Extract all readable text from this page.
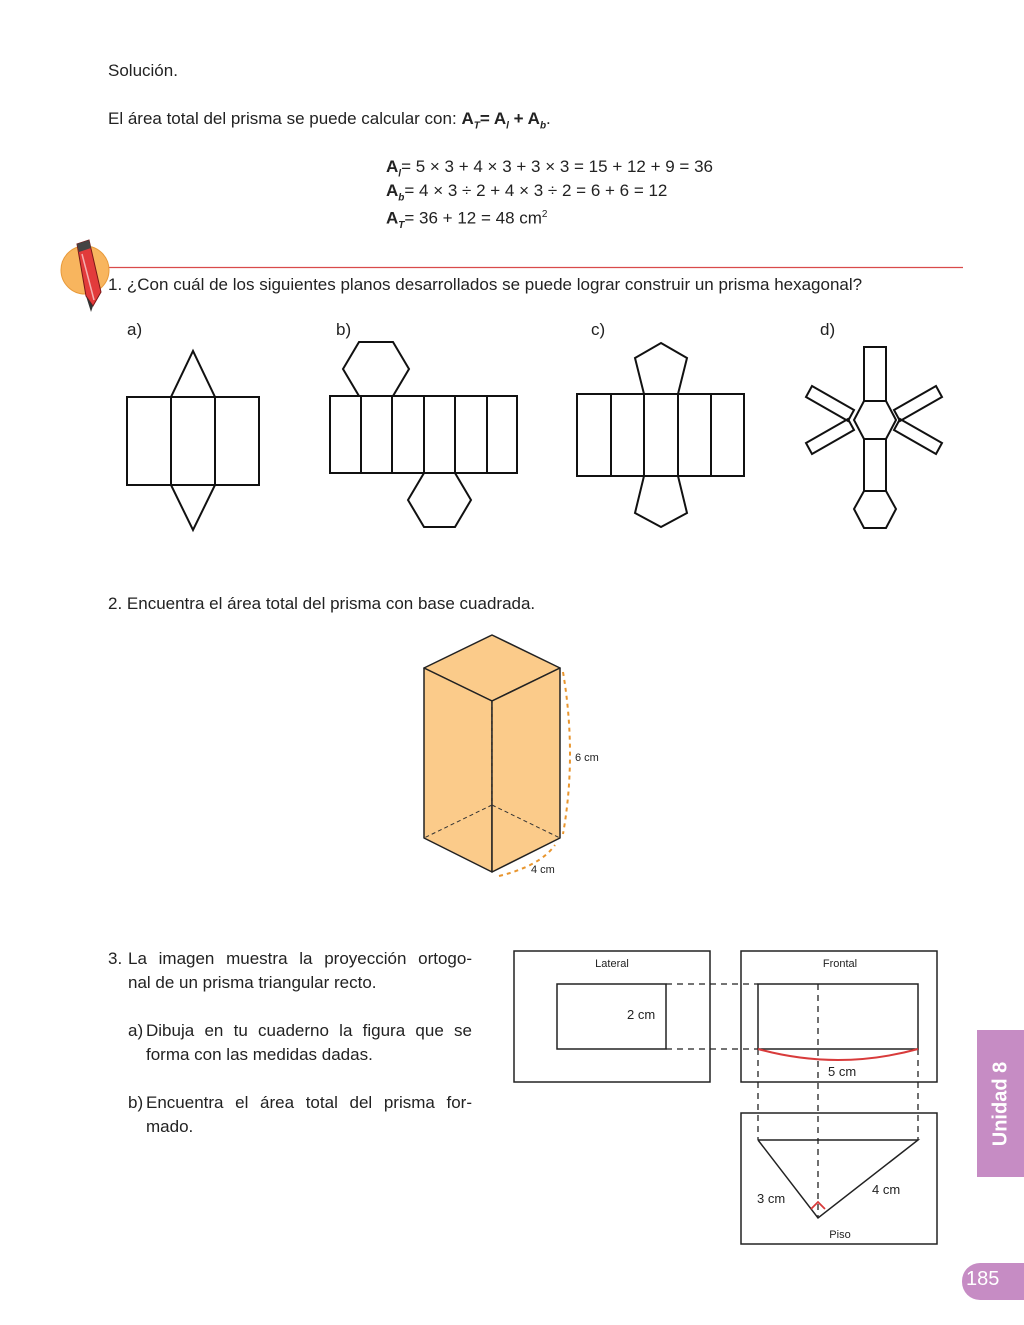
Solución.
El área total del prisma se puede calcular con: $A_T= A_l + A_b$.
$A_l= 5 \times 3 + 4 \times 3 + 3 \times 3 = 15 + 12 + 9 = 36$
$A_b= 4 \times 3 \div 2 + 4 \times 3 \div 2 = 6 + 6 = 12$
$A_T= 36 + 12 = 48$ $cm^2$
1. ¿Con cuál de los siguientes planos desarrollados se puede lograr construir un prisma hexagonal?
a)	b)	c)	d)
2. Encuentra el área total del prisma con base cuadrada.
6 cm
4 cm
3. La imagen muestra la proyección ortogo-
nal de un prisma triangular recto.
a) Dibuja en tu cuaderno la figura que se
forma con las medidas dadas.
b) Encuentra el área total del prisma for-
mado.
Lateral	Frontal
Piso
2 cm
5 cm
3 cm
4 cm
Unidad 8
185
